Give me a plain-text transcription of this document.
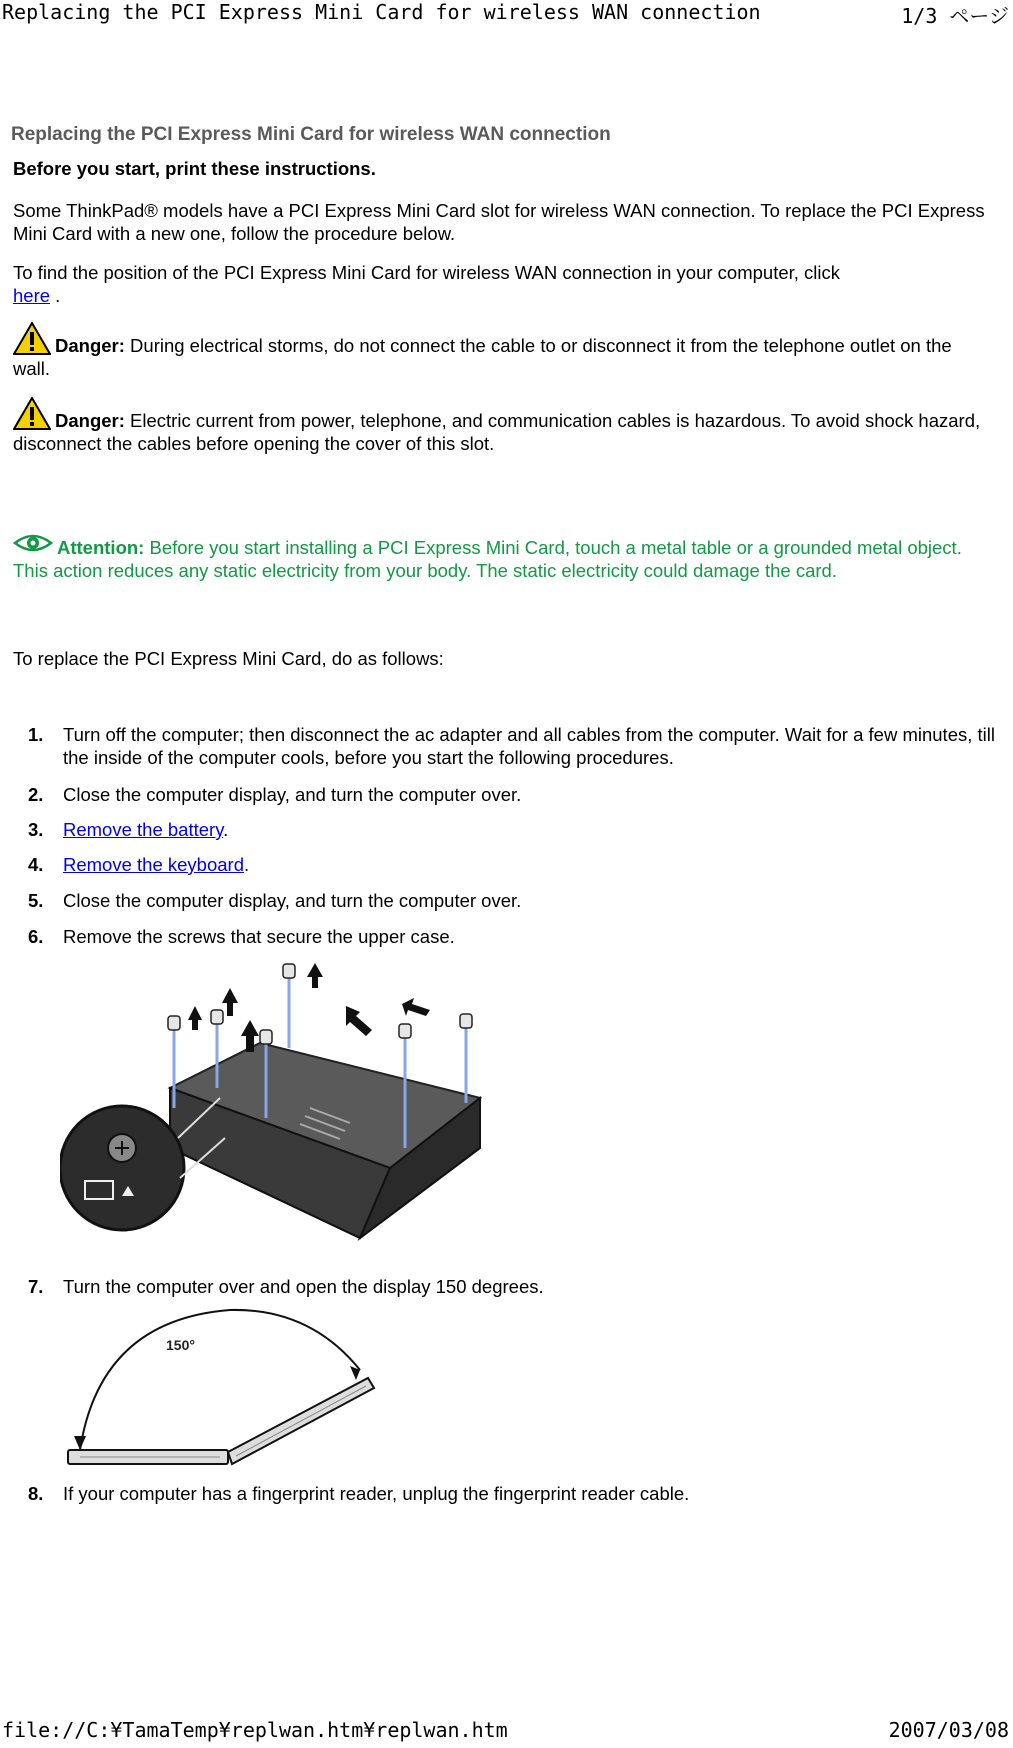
Replacing the PCI Express Mini Card for wireless WAN connection	1/3 ページ
Replacing the PCI Express Mini Card for wireless WAN connection
Before you start, print these instructions.
Some ThinkPad® models have a PCI Express Mini Card slot for wireless WAN connection. To replace the PCI Express Mini Card with a new one, follow the procedure below.
To find the position of the PCI Express Mini Card for wireless WAN connection in your computer, click
here .
Danger: During electrical storms, do not connect the cable to or disconnect it from the telephone outlet on the wall.
Danger: Electric current from power, telephone, and communication cables is hazardous. To avoid shock hazard, disconnect the cables before opening the cover of this slot.
Attention: Before you start installing a PCI Express Mini Card, touch a metal table or a grounded metal object. This action reduces any static electricity from your body. The static electricity could damage the card.
To replace the PCI Express Mini Card, do as follows:
1. Turn off the computer; then disconnect the ac adapter and all cables from the computer. Wait for a few minutes, till the inside of the computer cools, before you start the following procedures.
2. Close the computer display, and turn the computer over.
3. Remove the battery.
4. Remove the keyboard.
5. Close the computer display, and turn the computer over.
6. Remove the screws that secure the upper case.
7. Turn the computer over and open the display 150 degrees.
150°
8. If your computer has a fingerprint reader, unplug the fingerprint reader cable.
file://C:¥TamaTemp¥replwan.htm¥replwan.htm	2007/03/08
